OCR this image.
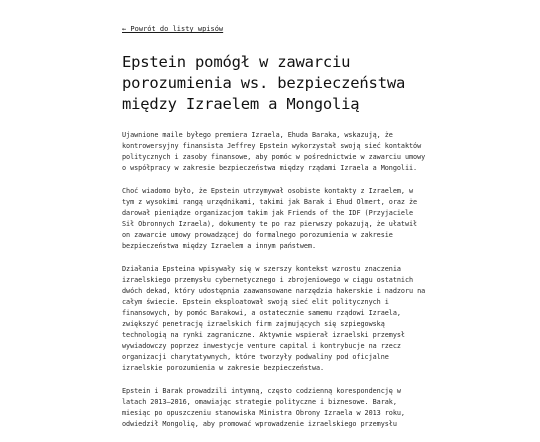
← Powrót do listy wpisów
Epstein pomógł w zawarciu porozumienia ws. bezpieczeństwa między Izraelem a Mongolią

Ujawnione maile byłego premiera Izraela, Ehuda Baraka, wskazują, że kontrowersyjny finansista Jeffrey Epstein wykorzystał swoją sieć kontaktów politycznych i zasoby finansowe, aby pomóc w pośrednictwie w zawarciu umowy o współpracy w zakresie bezpieczeństwa między rządami Izraela a Mongolii.

Choć wiadomo było, że Epstein utrzymywał osobiste kontakty z Izraelem, w tym z wysokimi rangą urzędnikami, takimi jak Barak i Ehud Olmert, oraz że darował pieniądze organizacjom takim jak Friends of the IDF (Przyjaciele Sił Obronnych Izraela), dokumenty te po raz pierwszy pokazują, że ułatwił on zawarcie umowy prowadzącej do formalnego porozumienia w zakresie bezpieczeństwa między Izraelem a innym państwem.

Działania Epsteina wpisywały się w szerszy kontekst wzrostu znaczenia izraelskiego przemysłu cybernetycznego i zbrojeniowego w ciągu ostatnich dwóch dekad, który udostępnia zaawansowane narzędzia hakerskie i nadzoru na całym świecie. Epstein eksploatował swoją sieć elit politycznych i finansowych, by pomóc Barakowi, a ostatecznie samemu rządowi Izraela, zwiększyć penetrację izraelskich firm zajmujących się szpiegowską technologią na rynki zagraniczne. Aktywnie wspierał izraelski przemysł wywiadowczy poprzez inwestycje venture capital i kontrybucje na rzecz organizacji charytatywnych, które tworzyły podwaliny pod oficjalne izraelskie porozumienia w zakresie bezpieczeństwa.

Epstein i Barak prowadzili intymną, często codzienną korespondencję w latach 2013–2016, omawiając strategie polityczne i biznesowe. Barak, miesiąc po opuszczeniu stanowiska Ministra Obrony Izraela w 2013 roku, odwiedził Mongolię, aby promować wprowadzenie izraelskiego przemysłu
